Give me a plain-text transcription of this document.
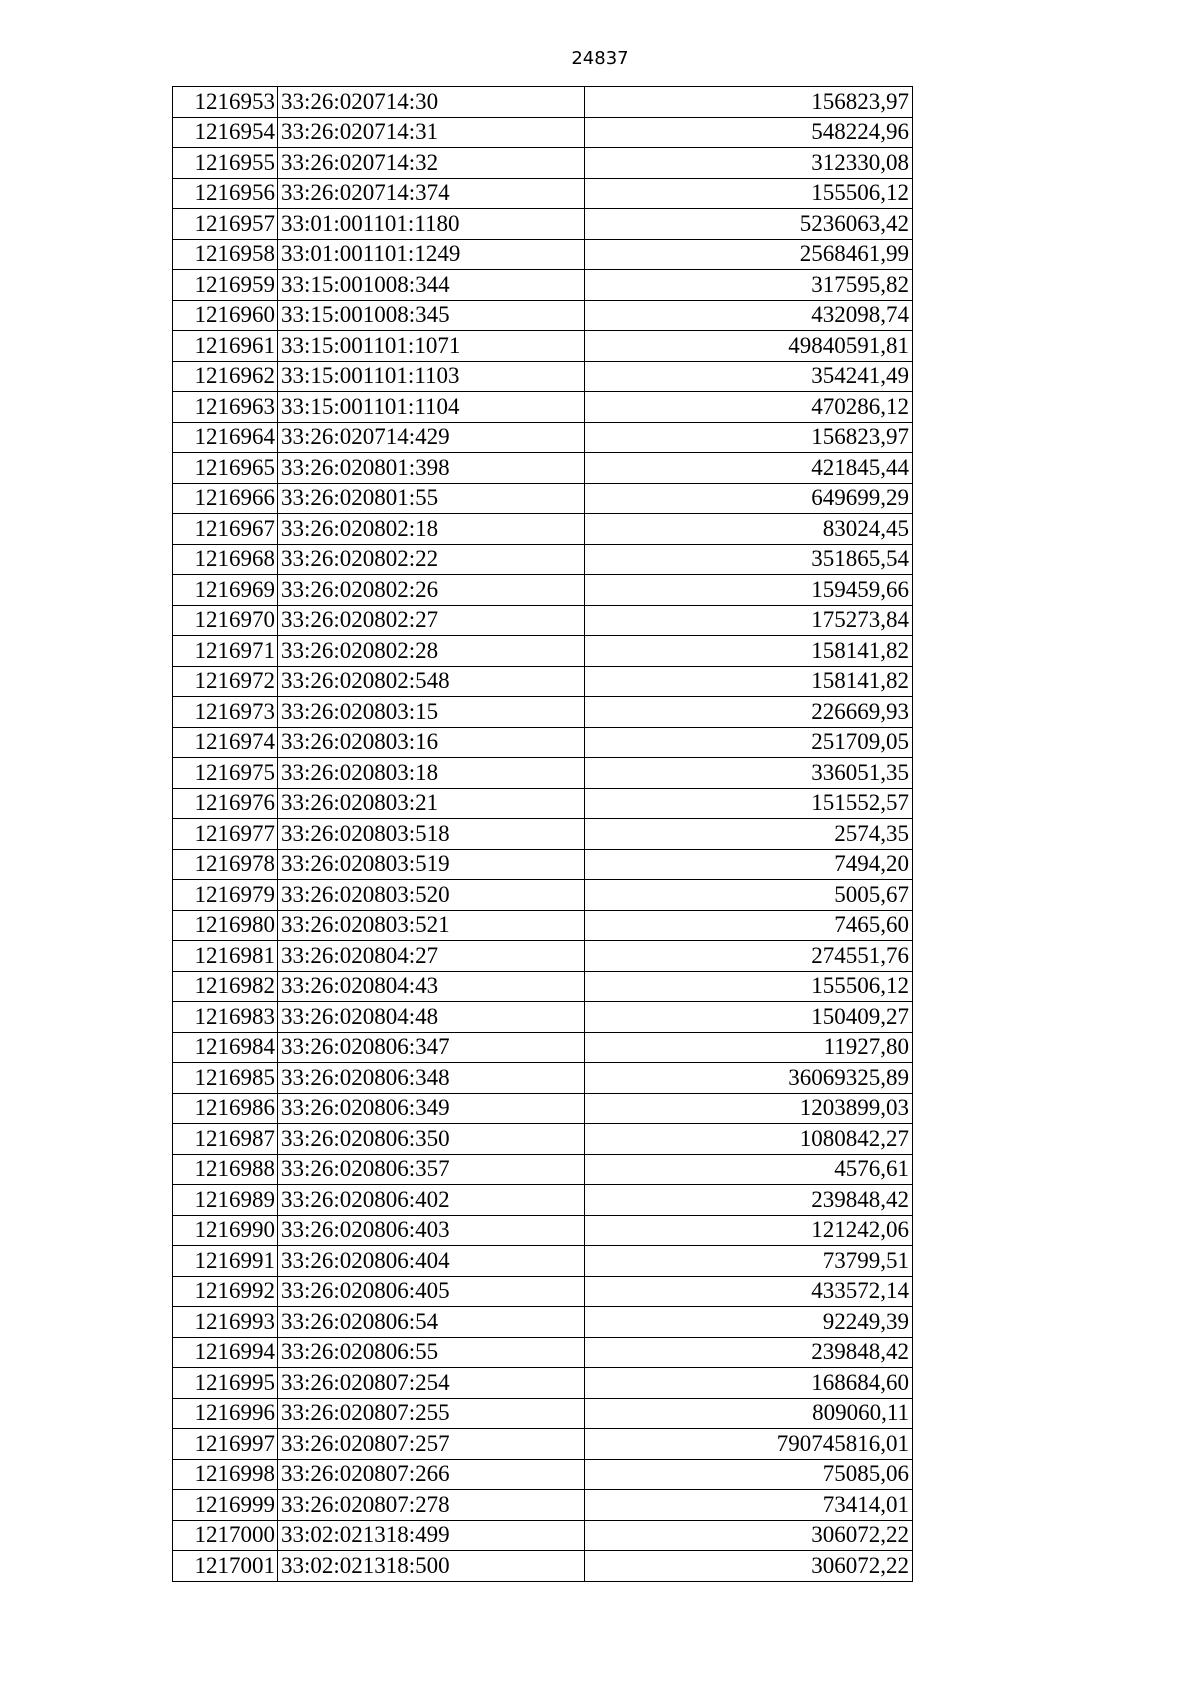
24837
1216953	33:26:020714:30	156823,97
1216954	33:26:020714:31	548224,96
1216955	33:26:020714:32	312330,08
1216956	33:26:020714:374	155506,12
1216957	33:01:001101:1180	5236063,42
1216958	33:01:001101:1249	2568461,99
1216959	33:15:001008:344	317595,82
1216960	33:15:001008:345	432098,74
1216961	33:15:001101:1071	49840591,81
1216962	33:15:001101:1103	354241,49
1216963	33:15:001101:1104	470286,12
1216964	33:26:020714:429	156823,97
1216965	33:26:020801:398	421845,44
1216966	33:26:020801:55	649699,29
1216967	33:26:020802:18	83024,45
1216968	33:26:020802:22	351865,54
1216969	33:26:020802:26	159459,66
1216970	33:26:020802:27	175273,84
1216971	33:26:020802:28	158141,82
1216972	33:26:020802:548	158141,82
1216973	33:26:020803:15	226669,93
1216974	33:26:020803:16	251709,05
1216975	33:26:020803:18	336051,35
1216976	33:26:020803:21	151552,57
1216977	33:26:020803:518	2574,35
1216978	33:26:020803:519	7494,20
1216979	33:26:020803:520	5005,67
1216980	33:26:020803:521	7465,60
1216981	33:26:020804:27	274551,76
1216982	33:26:020804:43	155506,12
1216983	33:26:020804:48	150409,27
1216984	33:26:020806:347	11927,80
1216985	33:26:020806:348	36069325,89
1216986	33:26:020806:349	1203899,03
1216987	33:26:020806:350	1080842,27
1216988	33:26:020806:357	4576,61
1216989	33:26:020806:402	239848,42
1216990	33:26:020806:403	121242,06
1216991	33:26:020806:404	73799,51
1216992	33:26:020806:405	433572,14
1216993	33:26:020806:54	92249,39
1216994	33:26:020806:55	239848,42
1216995	33:26:020807:254	168684,60
1216996	33:26:020807:255	809060,11
1216997	33:26:020807:257	790745816,01
1216998	33:26:020807:266	75085,06
1216999	33:26:020807:278	73414,01
1217000	33:02:021318:499	306072,22
1217001	33:02:021318:500	306072,22
